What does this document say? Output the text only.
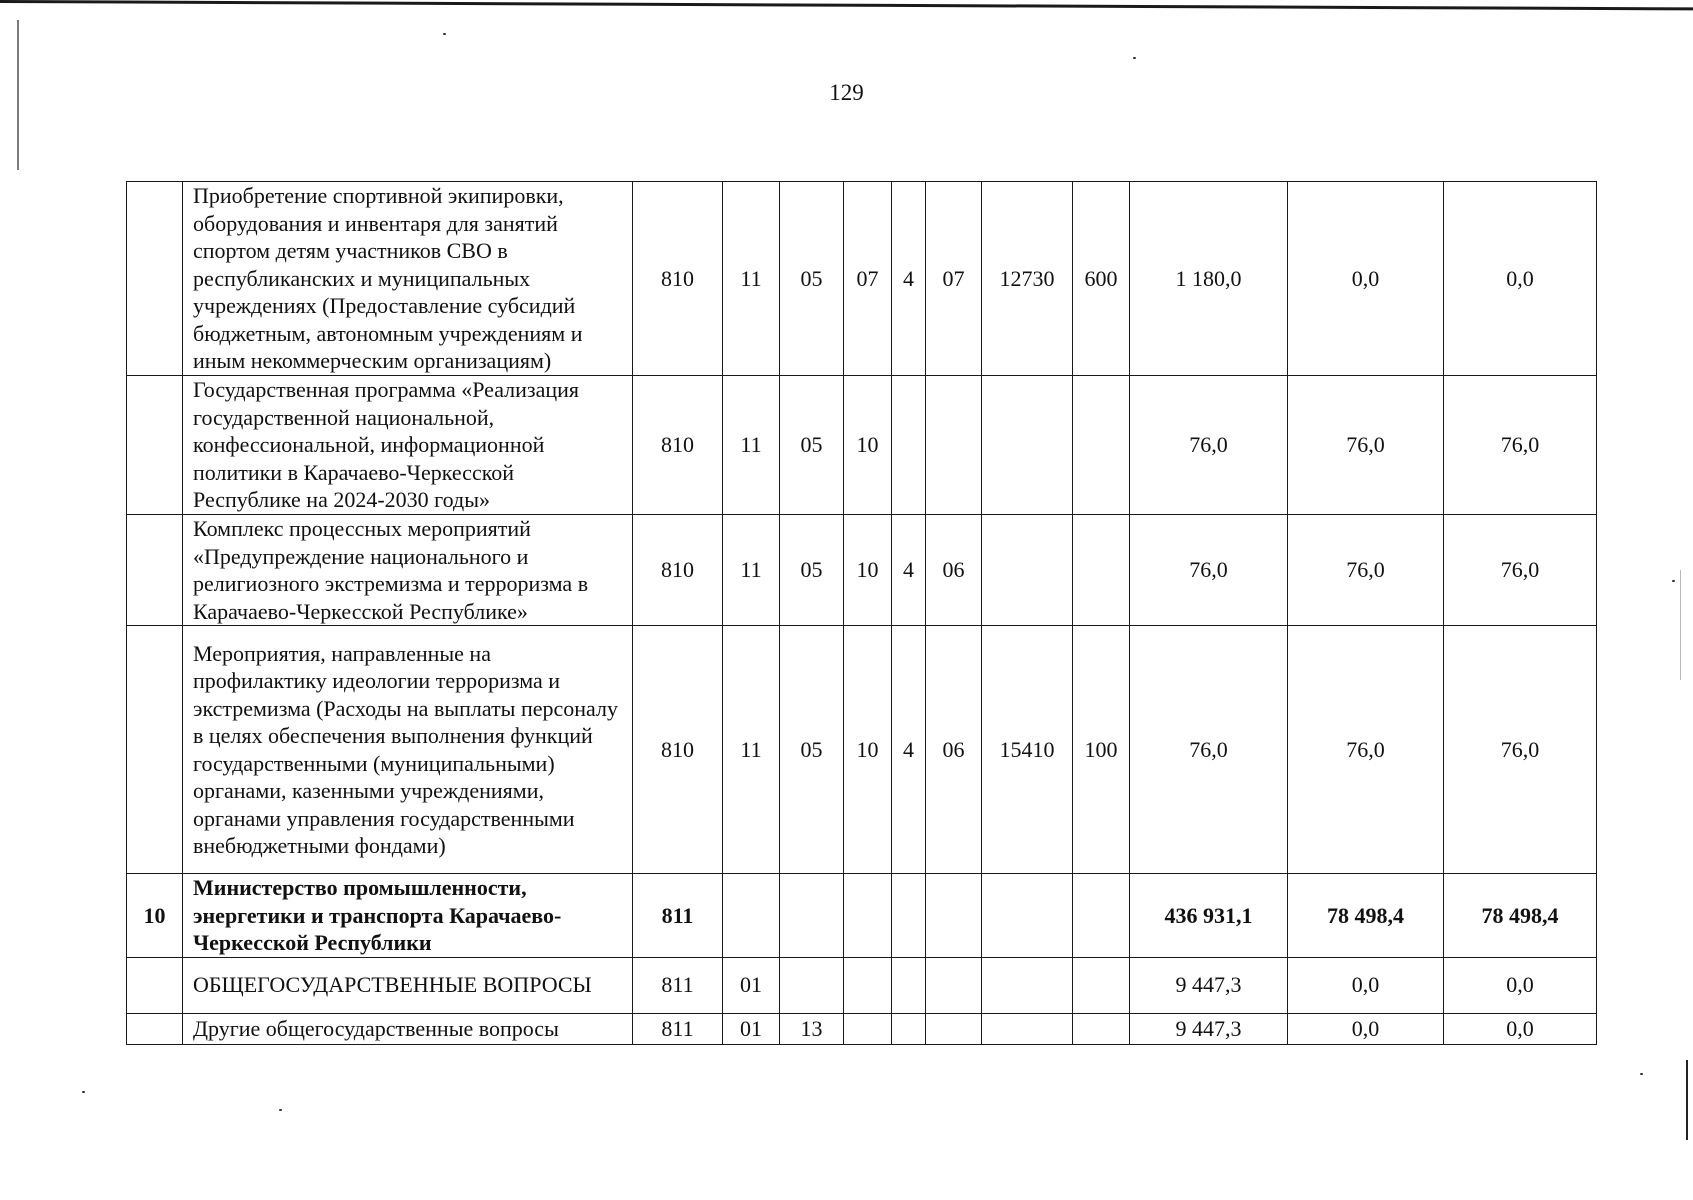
129
	Приобретение спортивной экипировки, оборудования и инвентаря для занятий спортом детям участников СВО в республиканских и муниципальных учреждениях (Предоставление субсидий бюджетным, автономным учреждениям и иным некоммерческим организациям)	810	11	05	07	4	07	12730	600	1 180,0	0,0	0,0
	Государственная программа «Реализация государственной национальной, конфессиональной, информационной политики в Карачаево-Черкесской Республике на 2024-2030 годы»	810	11	05	10					76,0	76,0	76,0
	Комплекс процессных мероприятий «Предупреждение национального и религиозного экстремизма и терроризма в Карачаево-Черкесской Республике»	810	11	05	10	4	06			76,0	76,0	76,0
	Мероприятия, направленные на профилактику идеологии терроризма и экстремизма (Расходы на выплаты персоналу в целях обеспечения выполнения функций государственными (муниципальными) органами, казенными учреждениями, органами управления государственными внебюджетными фондами)	810	11	05	10	4	06	15410	100	76,0	76,0	76,0
10	Министерство промышленности, энергетики и транспорта Карачаево-Черкесской Республики	811								436 931,1	78 498,4	78 498,4
	ОБЩЕГОСУДАРСТВЕННЫЕ ВОПРОСЫ	811	01							9 447,3	0,0	0,0
	Другие общегосударственные вопросы	811	01	13						9 447,3	0,0	0,0
